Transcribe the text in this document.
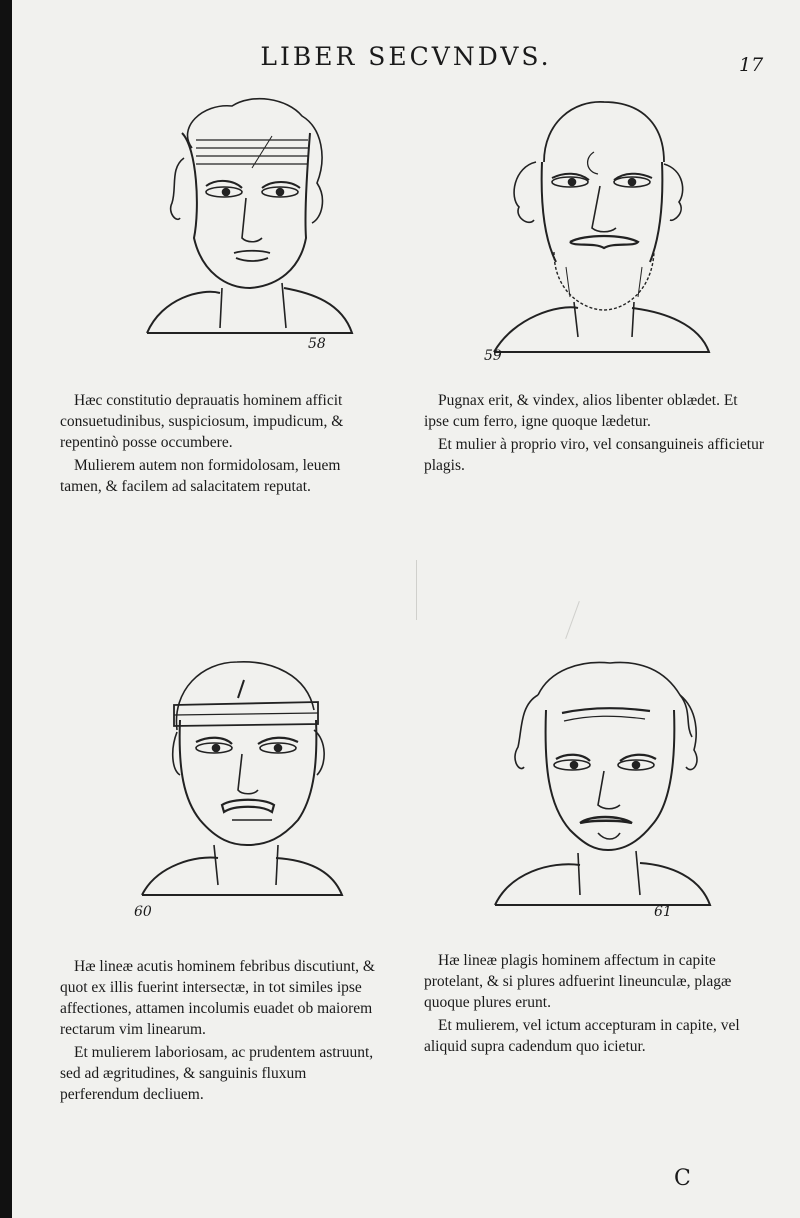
LIBER SECVNDVS.	17
58

Hæc constitutio deprauatis hominem afficit consuetudinibus, suspiciosum, impudicum, & repentinò posse occumbere.

Mulierem autem non formidolosam, leuem tamen, & facilem ad salacitatem reputat.

59

Pugnax erit, & vindex, alios libenter oblædet. Et ipse cum ferro, igne quoque lædetur.

Et mulier à proprio viro, vel consanguineis afficietur plagis.

60

Hæ lineæ acutis hominem febribus discutiunt, & quot ex illis fuerint intersectæ, in tot similes ipse affectiones, attamen incolumis euadet ob maiorem rectarum vim linearum.

Et mulierem laboriosam, ac prudentem astruunt, sed ad ægritudines, & sanguinis fluxum perferendum decliuem.

61

Hæ lineæ plagis hominem affectum in capite protelant, & si plures adfuerint lineunculæ, plagæ quoque plures erunt.

Et mulierem, vel ictum accepturam in capite, vel aliquid supra cadendum quo icietur.

C
